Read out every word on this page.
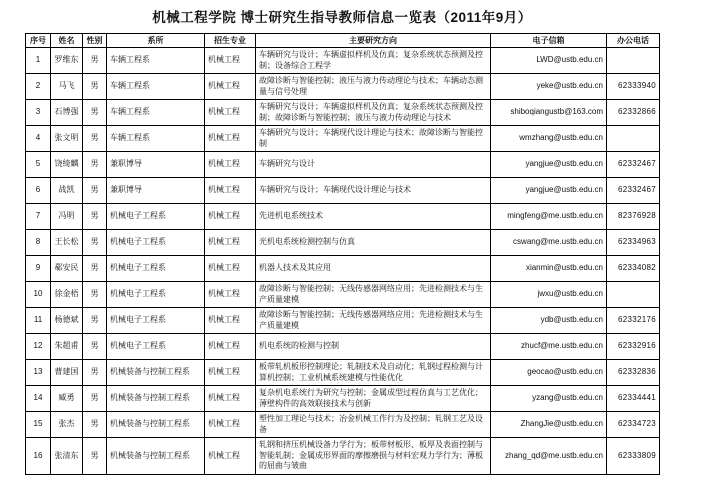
机械工程学院 博士研究生指导教师信息一览表（2011年9月）
序号	姓名	性别	系所	招生专业	主要研究方向	电子信箱	办公电话
1	罗维东	男	车辆工程系	机械工程	车辆研究与设计；车辆虚拟样机及仿真；复杂系统状态预测及控制；设备综合工程学	LWD@ustb.edu.cn	
2	马飞	男	车辆工程系	机械工程	故障诊断与智能控制；液压与液力传动理论与技术；车辆动态测量与信号处理	yeke@ustb.edu.cn	62333940
3	石博强	男	车辆工程系	机械工程	车辆研究与设计；车辆虚拟样机及仿真；复杂系统状态预测及控制；故障诊断与智能控制；液压与液力传动理论与技术	shiboqiangustb@163.com	62332866
4	张文明	男	车辆工程系	机械工程	车辆研究与设计；车辆现代设计理论与技术；故障诊断与智能控制	wmzhang@ustb.edu.cn	
5	饶绮麟	男	兼职博导	机械工程	车辆研究与设计	yangjue@ustb.edu.cn	62332467
6	战凯	男	兼职博导	机械工程	车辆研究与设计；车辆现代设计理论与技术	yangjue@ustb.edu.cn	62332467
7	冯明	男	机械电子工程系	机械工程	先进机电系统技术	mingfeng@me.ustb.edu.cn	82376928
8	王长松	男	机械电子工程系	机械工程	光机电系统检测控制与仿真	cswang@me.ustb.edu.cn	62334963
9	郗安民	男	机械电子工程系	机械工程	机器人技术及其应用	xianmin@ustb.edu.cn	62334082
10	徐金梧	男	机械电子工程系	机械工程	故障诊断与智能控制；无线传感器网络应用；先进检测技术与生产质量建模	jwxu@ustb.edu.cn	
11	杨德斌	男	机械电子工程系	机械工程	故障诊断与智能控制；无线传感器网络应用；先进检测技术与生产质量建模	ydb@ustb.edu.cn	62332176
12	朱超甫	男	机械电子工程系	机械工程	机电系统的检测与控制	zhucf@me.ustb.edu.cn	62332916
13	曹建国	男	机械装备与控制工程系	机械工程	板带轧机板形控制理论；轧制技术及自动化；轧钢过程检测与计算机控制；工业机械系统建模与性能优化	geocao@ustb.edu.cn	62332836
14	臧勇	男	机械装备与控制工程系	机械工程	复杂机电系统行为研究与控制；金属成型过程仿真与工艺优化；薄壁构件的高效联接技术与创新	yzang@ustb.edu.cn	62334441
15	张杰	男	机械装备与控制工程系	机械工程	塑性加工理论与技术；冶金机械工作行为及控制；轧钢工艺及设备	ZhangJie@ustb.edu.cn	62334723
16	张清东	男	机械装备与控制工程系	机械工程	轧钢和挤压机械设备力学行为；板带材板形、板厚及表面控制与智能轧制；金属成形界面的摩擦磨损与材料宏观力学行为；薄板的屈曲与皱曲	zhang_qd@me.ustb.edu.cn	62333809
